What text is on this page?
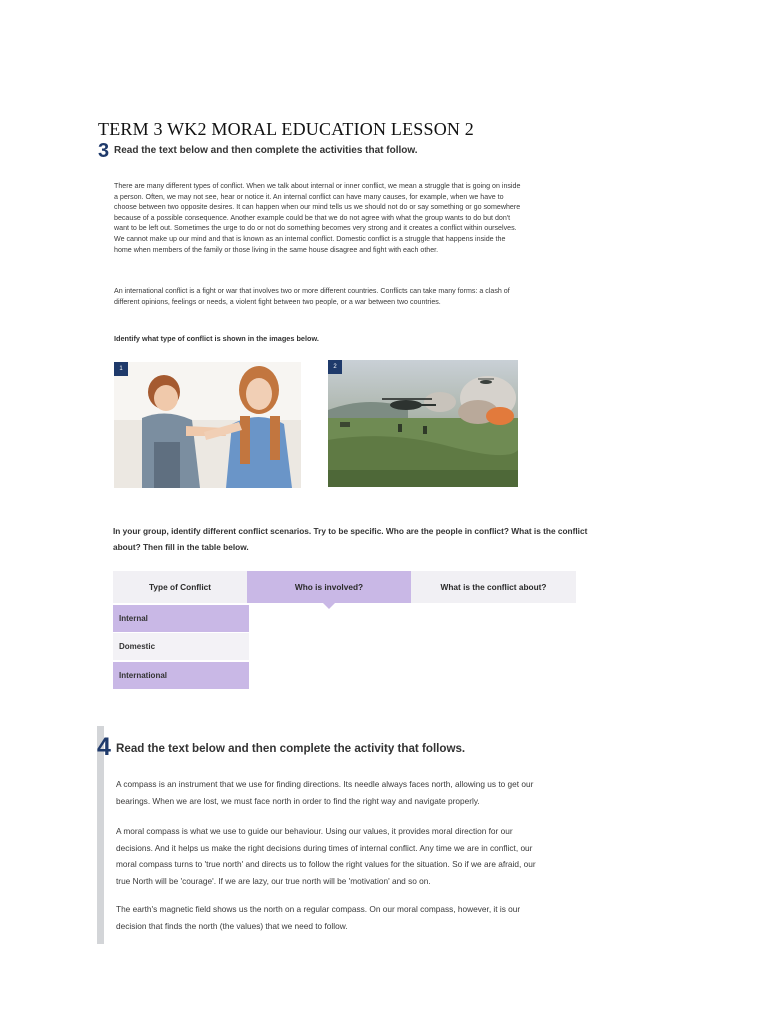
TERM 3 WK2 MORAL EDUCATION LESSON 2
3 Read the text below and then complete the activities that follow.
There are many different types of conflict. When we talk about internal or inner conflict, we mean a struggle that is going on inside a person. Often, we may not see, hear or notice it. An internal conflict can have many causes, for example, when we have to choose between two opposite desires. It can happen when our mind tells us we should not do or say something or go somewhere because of a possible consequence. Another example could be that we do not agree with what the group wants to do but don't want to be left out. Sometimes the urge to do or not do something becomes very strong and it creates a conflict within ourselves. We cannot make up our mind and that is known as an internal conflict. Domestic conflict is a struggle that happens inside the home when members of the family or those living in the same house disagree and fight with each other.
An international conflict is a fight or war that involves two or more different countries. Conflicts can take many forms: a clash of different opinions, feelings or needs, a violent fight between two people, or a war between two countries.
Identify what type of conflict is shown in the images below.
1	2
In your group, identify different conflict scenarios. Try to be specific. Who are the people in conflict? What is the conflict about? Then fill in the table below.
Type of Conflict	Who is involved?	What is the conflict about?
Internal
Domestic
International
4 Read the text below and then complete the activity that follows.
A compass is an instrument that we use for finding directions. Its needle always faces north, allowing us to get our bearings. When we are lost, we must face north in order to find the right way and navigate properly.
A moral compass is what we use to guide our behaviour. Using our values, it provides moral direction for our decisions. And it helps us make the right decisions during times of internal conflict. Any time we are in conflict, our moral compass turns to 'true north' and directs us to follow the right values for the situation. So if we are afraid, our true North will be 'courage'. If we are lazy, our true north will be 'motivation' and so on.
The earth's magnetic field shows us the north on a regular compass. On our moral compass, however, it is our decision that finds the north (the values) that we need to follow.
